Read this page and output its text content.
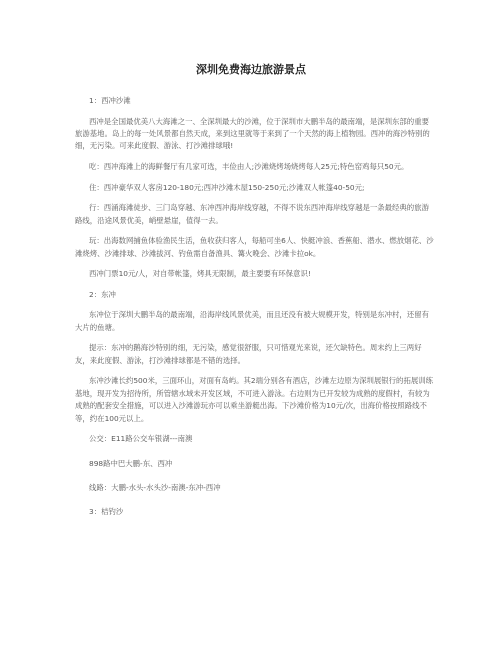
深圳免费海边旅游景点

1：西冲沙滩

西冲是全国最优美八大海滩之一、全深圳最大的沙滩，位于深圳市大鹏半岛的最南端，是深圳东部的重要旅游基地。岛上的每一处风景都自然天成，来到这里就等于来到了一个天然的海上植物园。西冲的海沙特别的细，无污染。可来此度假、游泳、打沙滩排球哦!

吃：西冲海滩上的海鲜餐厅有几家可选，丰俭由人;沙滩烧烤场烧烤每人25元;特色窑鸡每只50元。

住：西冲豪华双人客房120-180元;西冲沙滩木屋150-250元;沙滩双人帐篷40-50元;

行：西涌海滩徒步、三门岛穿越、东冲西冲海岸线穿越，不得不说东西冲海岸线穿越是一条最经典的旅游路线，沿途风景优美，峭壁悬崖，值得一去。

玩：出海数网捕鱼体验渔民生活，鱼收获归客人，每船可坐6人、快艇冲浪、香蕉船、潜水、燃放烟花、沙滩烧烤、沙滩排球、沙滩拔河、钓鱼需自备渔具、篝火晚会、沙滩卡拉ok。

西冲门票10元/人，对自带帐篷，烤具无限制，最主要要有环保意识!

2：东冲

东冲位于深圳大鹏半岛的最南端，沿海岸线风景优美，而且还没有被大规模开发，特别是东冲村，还留有大片的鱼塘。

提示：东冲的鹅海沙特别的细，无污染，感觉很舒服，只可惜观光来说，还欠缺特色。周末约上三两好友，来此度假、游泳，打沙滩排球都是不错的选择。

东冲沙滩长约500米，三面环山，对面有岛屿。其2端分别各有酒店，沙滩左边原为深圳展银行的拓展训练基地，现开发为招待所，所管辖水域未开发区域，不可进入游泳。右边则为已开发较为成熟的度假村，有较为成熟的配套安全措施，可以进入沙滩游玩亦可以乘坐游艇出海。下沙滩价格为10元/次，出海价格按照路线不等，约在100元以上。

公交：E11路公交车银湖---南澳

898路中巴大鹏-东、西冲

线路：大鹏-水头-水头沙-南澳-东冲-西冲

3：桔钓沙
